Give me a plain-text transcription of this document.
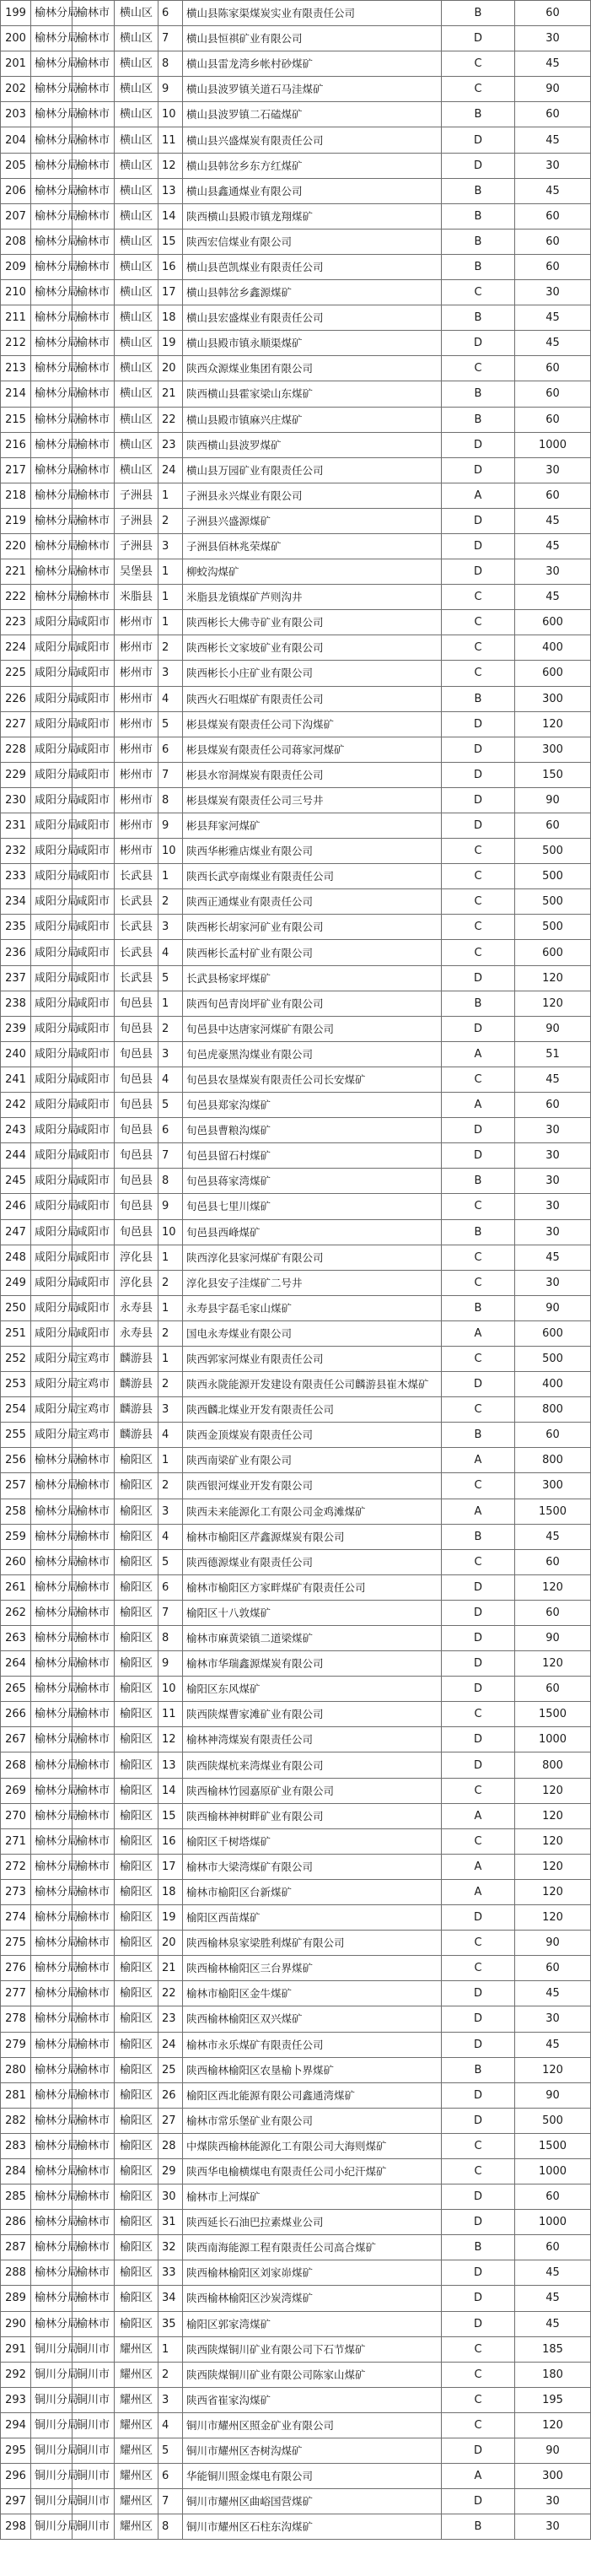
199	榆林分局	榆林市	横山区	6	横山县陈家渠煤炭实业有限责任公司	B	60
200	榆林分局	榆林市	横山区	7	横山县恒祺矿业有限公司	D	30
201	榆林分局	榆林市	横山区	8	横山县雷龙湾乡帐村砂煤矿	C	45
202	榆林分局	榆林市	横山区	9	横山县波罗镇关道石马洼煤矿	C	90
203	榆林分局	榆林市	横山区	10	横山县波罗镇二石磕煤矿	B	60
204	榆林分局	榆林市	横山区	11	横山县兴盛煤炭有限责任公司	D	45
205	榆林分局	榆林市	横山区	12	横山县韩岔乡东方红煤矿	D	30
206	榆林分局	榆林市	横山区	13	横山县鑫通煤业有限公司	B	45
207	榆林分局	榆林市	横山区	14	陕西横山县殿市镇龙翔煤矿	B	60
208	榆林分局	榆林市	横山区	15	陕西宏信煤业有限公司	B	60
209	榆林分局	榆林市	横山区	16	横山县芭凯煤业有限责任公司	B	60
210	榆林分局	榆林市	横山区	17	横山县韩岔乡鑫源煤矿	C	30
211	榆林分局	榆林市	横山区	18	横山县宏盛煤业有限责任公司	B	45
212	榆林分局	榆林市	横山区	19	横山县殿市镇永顺渠煤矿	D	45
213	榆林分局	榆林市	横山区	20	陕西众源煤业集团有限公司	C	60
214	榆林分局	榆林市	横山区	21	陕西横山县霍家梁山东煤矿	B	60
215	榆林分局	榆林市	横山区	22	横山县殿市镇麻兴庄煤矿	B	60
216	榆林分局	榆林市	横山区	23	陕西横山县波罗煤矿	D	1000
217	榆林分局	榆林市	横山区	24	横山县万园矿业有限责任公司	D	30
218	榆林分局	榆林市	子洲县	1	子洲县永兴煤业有限公司	A	60
219	榆林分局	榆林市	子洲县	2	子洲县兴盛源煤矿	D	45
220	榆林分局	榆林市	子洲县	3	子洲县佰林兆荣煤矿	D	45
221	榆林分局	榆林市	吴堡县	1	柳蛟沟煤矿	D	30
222	榆林分局	榆林市	米脂县	1	米脂县龙镇煤矿芦则沟井	C	45
223	咸阳分局	咸阳市	彬州市	1	陕西彬长大佛寺矿业有限公司	C	600
224	咸阳分局	咸阳市	彬州市	2	陕西彬长文家坡矿业有限公司	C	400
225	咸阳分局	咸阳市	彬州市	3	陕西彬长小庄矿业有限公司	C	600
226	咸阳分局	咸阳市	彬州市	4	陕西火石咀煤矿有限责任公司	B	300
227	咸阳分局	咸阳市	彬州市	5	彬县煤炭有限责任公司下沟煤矿	D	120
228	咸阳分局	咸阳市	彬州市	6	彬县煤炭有限责任公司蒋家河煤矿	D	300
229	咸阳分局	咸阳市	彬州市	7	彬县水帘洞煤炭有限责任公司	D	150
230	咸阳分局	咸阳市	彬州市	8	彬县煤炭有限责任公司三号井	D	90
231	咸阳分局	咸阳市	彬州市	9	彬县拜家河煤矿	D	60
232	咸阳分局	咸阳市	彬州市	10	陕西华彬雅店煤业有限公司	C	500
233	咸阳分局	咸阳市	长武县	1	陕西长武亭南煤业有限责任公司	C	500
234	咸阳分局	咸阳市	长武县	2	陕西正通煤业有限责任公司	C	500
235	咸阳分局	咸阳市	长武县	3	陕西彬长胡家河矿业有限公司	C	500
236	咸阳分局	咸阳市	长武县	4	陕西彬长孟村矿业有限公司	C	600
237	咸阳分局	咸阳市	长武县	5	长武县杨家坪煤矿	D	120
238	咸阳分局	咸阳市	旬邑县	1	陕西旬邑青岗坪矿业有限公司	B	120
239	咸阳分局	咸阳市	旬邑县	2	旬邑县中达唐家河煤矿有限公司	D	90
240	咸阳分局	咸阳市	旬邑县	3	旬邑虎豪黑沟煤业有限公司	A	51
241	咸阳分局	咸阳市	旬邑县	4	旬邑县农垦煤炭有限责任公司长安煤矿	C	45
242	咸阳分局	咸阳市	旬邑县	5	旬邑县郑家沟煤矿	A	60
243	咸阳分局	咸阳市	旬邑县	6	旬邑县曹粮沟煤矿	D	30
244	咸阳分局	咸阳市	旬邑县	7	旬邑县留石村煤矿	D	30
245	咸阳分局	咸阳市	旬邑县	8	旬邑县蒋家湾煤矿	B	30
246	咸阳分局	咸阳市	旬邑县	9	旬邑县七里川煤矿	C	30
247	咸阳分局	咸阳市	旬邑县	10	旬邑县西峰煤矿	B	30
248	咸阳分局	咸阳市	淳化县	1	陕西淳化县家河煤矿有限公司	C	45
249	咸阳分局	咸阳市	淳化县	2	淳化县安子洼煤矿二号井	C	30
250	咸阳分局	咸阳市	永寿县	1	永寿县宇磊毛家山煤矿	B	90
251	咸阳分局	咸阳市	永寿县	2	国电永寿煤业有限公司	A	600
252	咸阳分局	宝鸡市	麟游县	1	陕西郭家河煤业有限责任公司	C	500
253	咸阳分局	宝鸡市	麟游县	2	陕西永陇能源开发建设有限责任公司麟游县崔木煤矿	D	400
254	咸阳分局	宝鸡市	麟游县	3	陕西麟北煤业开发有限责任公司	C	800
255	咸阳分局	宝鸡市	麟游县	4	陕西金顶煤炭有限责任公司	B	60
256	榆林分局	榆林市	榆阳区	1	陕西南梁矿业有限公司	A	800
257	榆林分局	榆林市	榆阳区	2	陕西银河煤业开发有限公司	C	300
258	榆林分局	榆林市	榆阳区	3	陕西未来能源化工有限公司金鸡滩煤矿	A	1500
259	榆林分局	榆林市	榆阳区	4	榆林市榆阳区芹鑫源煤炭有限公司	B	45
260	榆林分局	榆林市	榆阳区	5	陕西德源煤业有限责任公司	C	60
261	榆林分局	榆林市	榆阳区	6	榆林市榆阳区方家畔煤矿有限责任公司	D	120
262	榆林分局	榆林市	榆阳区	7	榆阳区十八敦煤矿	D	60
263	榆林分局	榆林市	榆阳区	8	榆林市麻黄梁镇二道梁煤矿	D	90
264	榆林分局	榆林市	榆阳区	9	榆林市华瑞鑫源煤炭有限公司	D	120
265	榆林分局	榆林市	榆阳区	10	榆阳区东风煤矿	D	60
266	榆林分局	榆林市	榆阳区	11	陕西陕煤曹家滩矿业有限公司	C	1500
267	榆林分局	榆林市	榆阳区	12	榆林神湾煤炭有限责任公司	D	1000
268	榆林分局	榆林市	榆阳区	13	陕西陕煤杭来湾煤业有限公司	D	800
269	榆林分局	榆林市	榆阳区	14	陕西榆林竹园嘉原矿业有限公司	C	120
270	榆林分局	榆林市	榆阳区	15	陕西榆林神树畔矿业有限公司	A	120
271	榆林分局	榆林市	榆阳区	16	榆阳区千树塔煤矿	C	120
272	榆林分局	榆林市	榆阳区	17	榆林市大梁湾煤矿有限公司	A	120
273	榆林分局	榆林市	榆阳区	18	榆林市榆阳区台新煤矿	A	120
274	榆林分局	榆林市	榆阳区	19	榆阳区西苗煤矿	D	120
275	榆林分局	榆林市	榆阳区	20	陕西榆林泉家梁胜利煤矿有限公司	C	90
276	榆林分局	榆林市	榆阳区	21	陕西榆林榆阳区三台界煤矿	C	60
277	榆林分局	榆林市	榆阳区	22	榆林市榆阳区金牛煤矿	D	45
278	榆林分局	榆林市	榆阳区	23	陕西榆林榆阳区双兴煤矿	D	30
279	榆林分局	榆林市	榆阳区	24	榆林市永乐煤矿有限责任公司	D	45
280	榆林分局	榆林市	榆阳区	25	陕西榆林榆阳区农垦榆卜界煤矿	B	120
281	榆林分局	榆林市	榆阳区	26	榆阳区西北能源有限公司鑫通湾煤矿	D	90
282	榆林分局	榆林市	榆阳区	27	榆林市常乐堡矿业有限公司	D	500
283	榆林分局	榆林市	榆阳区	28	中煤陕西榆林能源化工有限公司大海则煤矿	C	1500
284	榆林分局	榆林市	榆阳区	29	陕西华电榆横煤电有限责任公司小纪汗煤矿	C	1000
285	榆林分局	榆林市	榆阳区	30	榆林市上河煤矿	D	60
286	榆林分局	榆林市	榆阳区	31	陕西延长石油巴拉素煤业公司	D	1000
287	榆林分局	榆林市	榆阳区	32	陕西南海能源工程有限责任公司高合煤矿	B	60
288	榆林分局	榆林市	榆阳区	33	陕西榆林榆阳区刘家峁煤矿	D	45
289	榆林分局	榆林市	榆阳区	34	陕西榆林榆阳区沙炭湾煤矿	D	45
290	榆林分局	榆林市	榆阳区	35	榆阳区郭家湾煤矿	D	45
291	铜川分局	铜川市	耀州区	1	陕西陕煤铜川矿业有限公司下石节煤矿	C	185
292	铜川分局	铜川市	耀州区	2	陕西陕煤铜川矿业有限公司陈家山煤矿	C	180
293	铜川分局	铜川市	耀州区	3	陕西省崔家沟煤矿	C	195
294	铜川分局	铜川市	耀州区	4	铜川市耀州区照金矿业有限公司	C	120
295	铜川分局	铜川市	耀州区	5	铜川市耀州区杏树沟煤矿	D	90
296	铜川分局	铜川市	耀州区	6	华能铜川照金煤电有限公司	A	300
297	铜川分局	铜川市	耀州区	7	铜川市耀州区曲峪国营煤矿	D	30
298	铜川分局	铜川市	耀州区	8	铜川市耀州区石柱东沟煤矿	B	30
